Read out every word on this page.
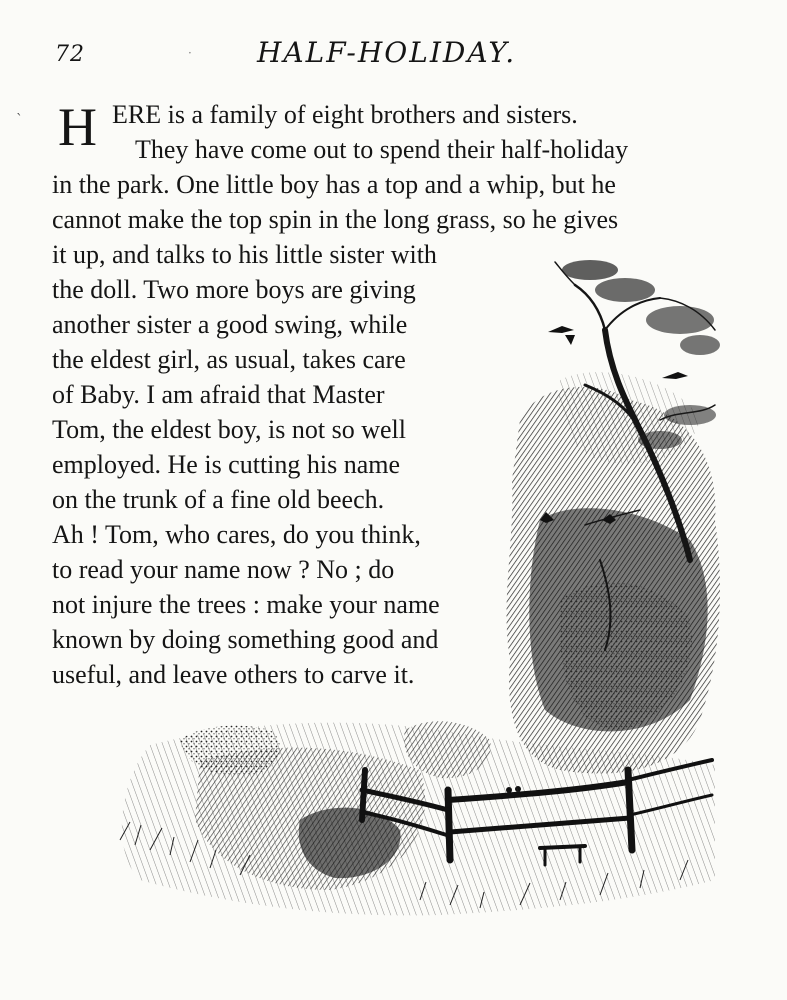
72	· HALF-HOLIDAY.
ˋ H ERE is a family of eight brothers and sisters.
They have come out to spend their half-holiday
in the park. One little boy has a top and a whip, but he
cannot make the top spin in the long grass, so he gives
it up, and talks to his little sister with
the doll. Two more boys are giving
another sister a good swing, while
the eldest girl, as usual, takes care
of Baby. I am afraid that Master
Tom, the eldest boy, is not so well
employed. He is cutting his name
on the trunk of a fine old beech.
Ah ! Tom, who cares, do you think,
to read your name now ? No ; do
not injure the trees : make your name
known by doing something good and
useful, and leave others to carve it.
